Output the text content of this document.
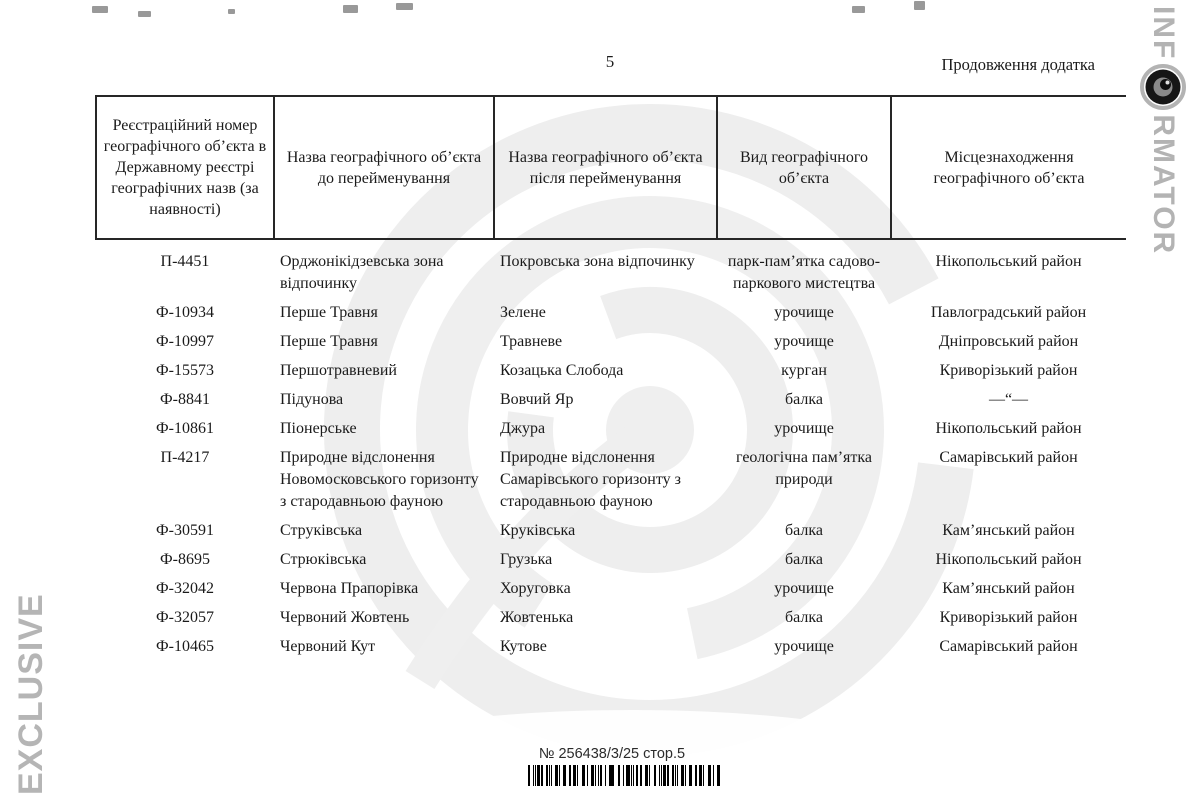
5	Продовження додатка
Реєстраційний номер географічного об’єкта в Державному реєстрі географічних назв (за наявності)	Назва географічного об’єкта до перейменування	Назва географічного об’єкта після перейменування	Вид географічного об’єкта	Місцезнаходження географічного об’єкта
П-4451	Орджонікідзевська зона відпочинку	Покровська зона відпочинку	парк-пам’ятка садово-паркового мистецтва	Нікопольський район
Ф-10934	Перше Травня	Зелене	урочище	Павлоградський район
Ф-10997	Перше Травня	Травневе	урочище	Дніпровський район
Ф-15573	Першотравневий	Козацька Слобода	курган	Криворізький район
Ф-8841	Підунова	Вовчий Яр	балка	—“—
Ф-10861	Піонерське	Джура	урочище	Нікопольський район
П-4217	Природне відслонення Новомосковського горизонту з стародавньою фауною	Природне відслонення Самарівського горизонту з стародавньою фауною	геологічна пам’ятка природи	Самарівський район
Ф-30591	Струківська	Круківська	балка	Кам’янський район
Ф-8695	Стрюківська	Грузька	балка	Нікопольський район
Ф-32042	Червона Прапорівка	Хоруговка	урочище	Кам’янський район
Ф-32057	Червоний Жовтень	Жовтенька	балка	Криворізький район
Ф-10465	Червоний Кут	Кутове	урочище	Самарівський район
№ 256438/3/25 стор.5
EXCLUSIVE
INF
RMATOR
